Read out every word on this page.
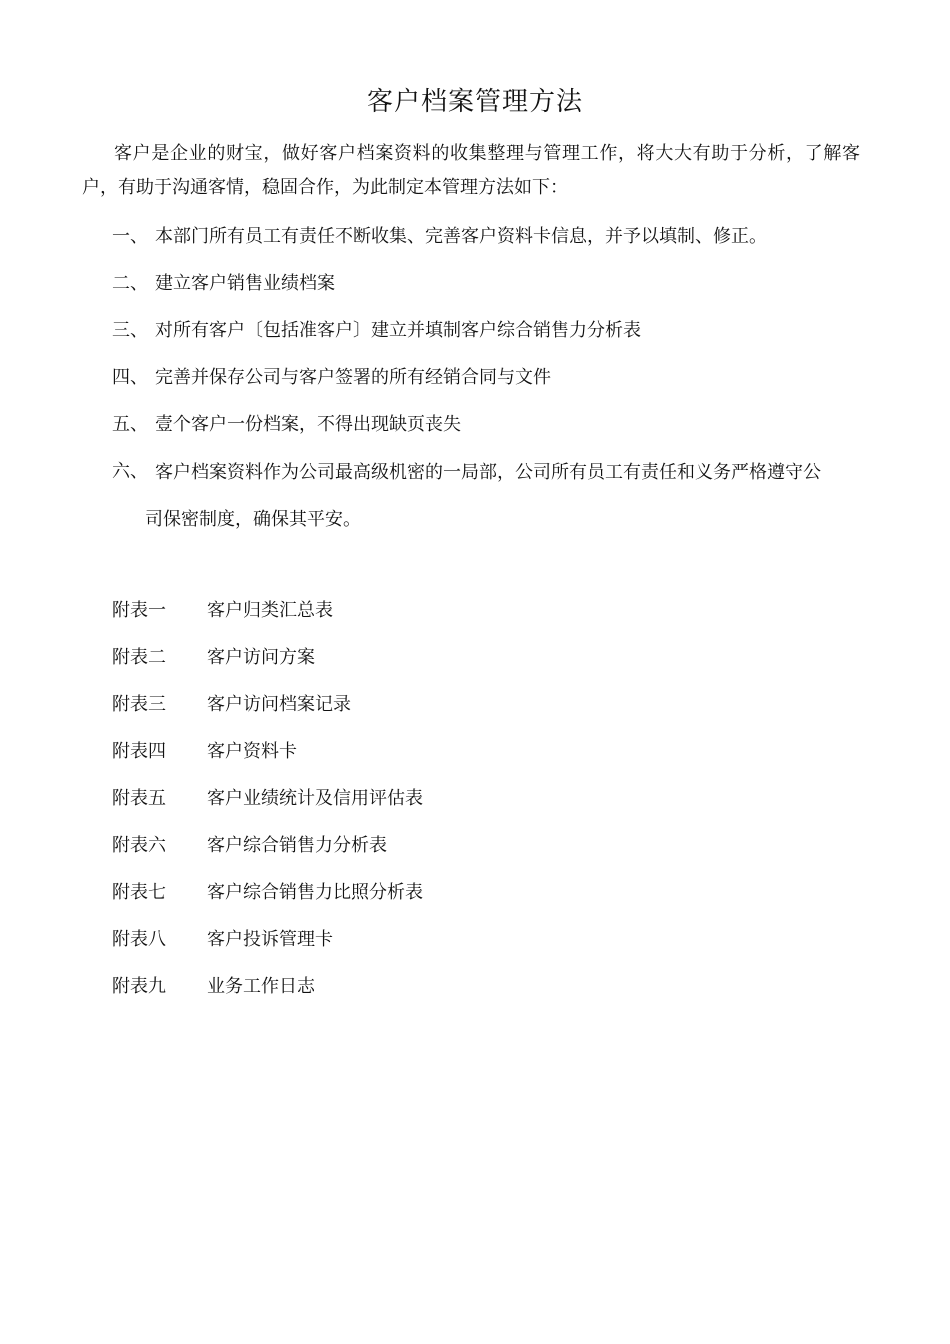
客户档案管理方法
客户是企业的财宝，做好客户档案资料的收集整理与管理工作，将大大有助于分析，了解客户，有助于沟通客情，稳固合作，为此制定本管理方法如下：
一、 本部门所有员工有责任不断收集、完善客户资料卡信息，并予以填制、修正。
二、 建立客户销售业绩档案
三、 对所有客户〔包括准客户〕建立并填制客户综合销售力分析表
四、 完善并保存公司与客户签署的所有经销合同与文件
五、 壹个客户一份档案，不得出现缺页丧失
六、 客户档案资料作为公司最高级机密的一局部，公司所有员工有责任和义务严格遵守公
司保密制度，确保其平安。
附表一	客户归类汇总表
附表二	客户访问方案
附表三	客户访问档案记录
附表四	客户资料卡
附表五	客户业绩统计及信用评估表
附表六	客户综合销售力分析表
附表七	客户综合销售力比照分析表
附表八	客户投诉管理卡
附表九	业务工作日志
